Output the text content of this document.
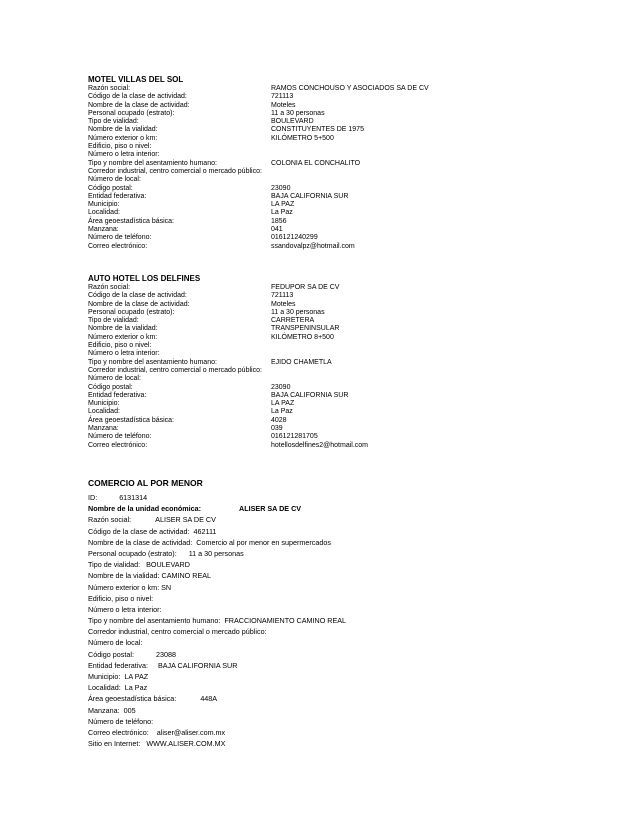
MOTEL VILLAS DEL SOL
Razón social:	RAMOS CONCHOUSO Y ASOCIADOS SA DE CV
Código de la clase de actividad:	721113
Nombre de la clase de actividad:	Moteles
Personal ocupado (estrato):	11 a 30 personas
Tipo de vialidad:	BOULEVARD
Nombre de la vialidad:	CONSTITUYENTES DE 1975
Número exterior o km:	KILÓMETRO 5+500
Edificio, piso o nivel:
Número o letra interior:
Tipo y nombre del asentamiento humano:	COLONIA EL CONCHALITO
Corredor industrial, centro comercial o mercado público:
Número de local:
Código postal:	23090
Entidad federativa:	BAJA CALIFORNIA SUR
Municipio:	LA PAZ
Localidad:	La Paz
Área geoestadística básica:	1856
Manzana:	041
Número de teléfono:	016121240299
Correo electrónico:	ssandovalpz@hotmail.com
AUTO HOTEL LOS DELFINES
Razón social:	FEDUPOR SA DE CV
Código de la clase de actividad:	721113
Nombre de la clase de actividad:	Moteles
Personal ocupado (estrato):	11 a 30 personas
Tipo de vialidad:	CARRETERA
Nombre de la vialidad:	TRANSPENINSULAR
Número exterior o km:	KILÓMETRO 8+500
Edificio, piso o nivel:
Número o letra interior:
Tipo y nombre del asentamiento humano:	EJIDO CHAMETLA
Corredor industrial, centro comercial o mercado público:
Número de local:
Código postal:	23090
Entidad federativa:	BAJA CALIFORNIA SUR
Municipio:	LA PAZ
Localidad:	La Paz
Área geoestadística básica:	4028
Manzana:	039
Número de teléfono:	016121281705
Correo electrónico:	hotellosdelfines2@hotmail.com
COMERCIO AL POR MENOR
ID:	6131314
Nombre de la unidad económica:	ALISER SA DE CV
Razón social:	ALISER SA DE CV
Código de la clase de actividad: 462111
Nombre de la clase de actividad: Comercio al por menor en supermercados
Personal ocupado (estrato): 11 a 30 personas
Tipo de vialidad: BOULEVARD
Nombre de la vialidad: CAMINO REAL
Número exterior o km: SN
Edificio, piso o nivel:
Número o letra interior:
Tipo y nombre del asentamiento humano: FRACCIONAMIENTO CAMINO REAL
Corredor industrial, centro comercial o mercado público:
Número de local:
Código postal:	23088
Entidad federativa: BAJA CALIFORNIA SUR
Municipio: LA PAZ
Localidad: La Paz
Área geoestadística básica:	448A
Manzana: 005
Número de teléfono:
Correo electrónico: aliser@aliser.com.mx
Sitio en Internet: WWW.ALISER.COM.MX
